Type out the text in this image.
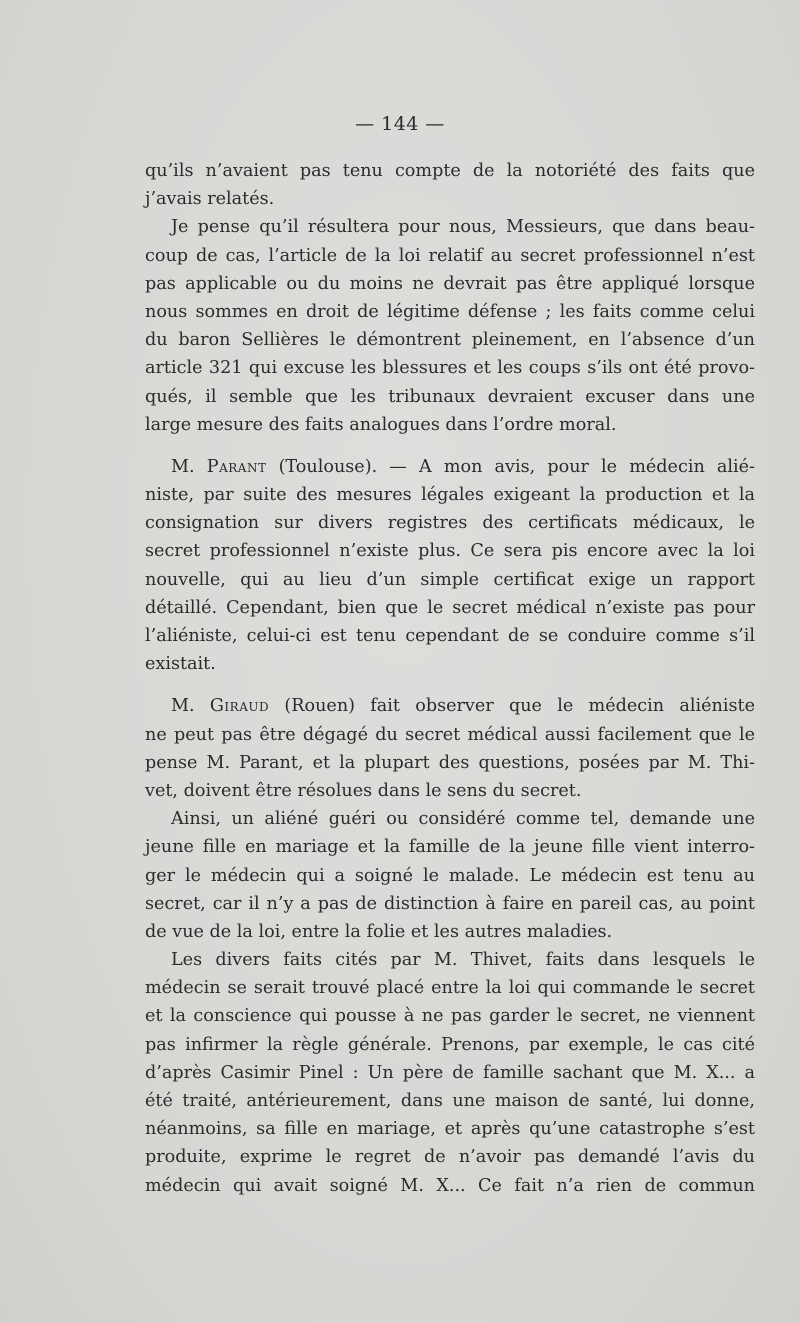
— 144 —
qu’ils n’avaient pas tenu compte de la notoriété des faits que
j’avais relatés.
Je pense qu’il résultera pour nous, Messieurs, que dans beau-
coup de cas, l’article de la loi relatif au secret professionnel n’est
pas applicable ou du moins ne devrait pas être appliqué lorsque
nous sommes en droit de légitime défense ; les faits comme celui
du baron Sellières le démontrent pleinement, en l’absence d’un
article 321 qui excuse les blessures et les coups s’ils ont été provo-
qués, il semble que les tribunaux devraient excuser dans une
large mesure des faits analogues dans l’ordre moral.
M. Parant (Toulouse). — A mon avis, pour le médecin alié-
niste, par suite des mesures légales exigeant la production et la
consignation sur divers registres des certificats médicaux, le
secret professionnel n’existe plus. Ce sera pis encore avec la loi
nouvelle, qui au lieu d’un simple certificat exige un rapport
détaillé. Cependant, bien que le secret médical n’existe pas pour
l’aliéniste, celui-ci est tenu cependant de se conduire comme s’il
existait.
M. Giraud (Rouen) fait observer que le médecin aliéniste
ne peut pas être dégagé du secret médical aussi facilement que le
pense M. Parant, et la plupart des questions, posées par M. Thi-
vet, doivent être résolues dans le sens du secret.
Ainsi, un aliéné guéri ou considéré comme tel, demande une
jeune fille en mariage et la famille de la jeune fille vient interro-
ger le médecin qui a soigné le malade. Le médecin est tenu au
secret, car il n’y a pas de distinction à faire en pareil cas, au point
de vue de la loi, entre la folie et les autres maladies.
Les divers faits cités par M. Thivet, faits dans lesquels le
médecin se serait trouvé placé entre la loi qui commande le secret
et la conscience qui pousse à ne pas garder le secret, ne viennent
pas infirmer la règle générale. Prenons, par exemple, le cas cité
d’après Casimir Pinel : Un père de famille sachant que M. X... a
été traité, antérieurement, dans une maison de santé, lui donne,
néanmoins, sa fille en mariage, et après qu’une catastrophe s’est
produite, exprime le regret de n’avoir pas demandé l’avis du
médecin qui avait soigné M. X... Ce fait n’a rien de commun
